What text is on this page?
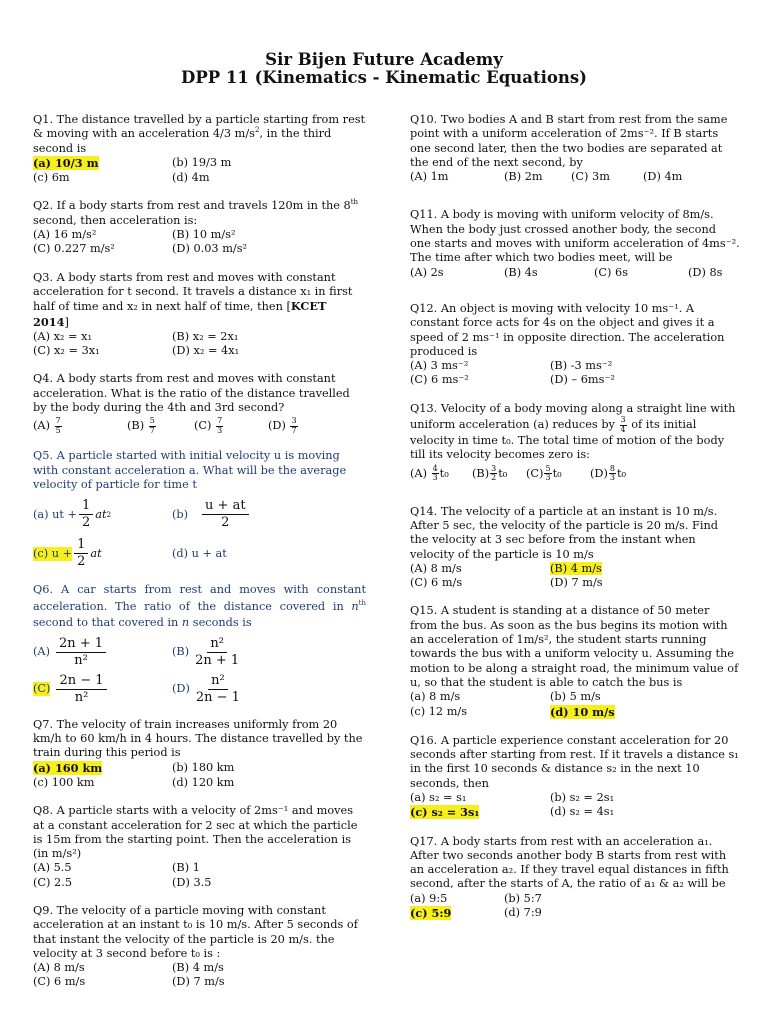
Sir Bijen Future Academy
DPP 11 (Kinematics - Kinematic Equations)
Q1. The distance travelled by a particle starting from rest & moving with an acceleration 4/3 $m/s^2$, in the third second is
(a) 10/3 m	(b) 19/3 m
(c) 6m	(d) 4m
Q2. If a body starts from rest and travels 120m in the 8th second, then acceleration is:
(A) 16 m/s²	(B) 10 m/s²
(C) 0.227 m/s²	(D) 0.03 m/s²
Q3. A body starts from rest and moves with constant acceleration for t second. It travels a distance x₁ in first half of time and x₂ in next half of time, then [KCET 2014]
(A) x₂ = x₁	(B) x₂ = 2x₁
(C) x₂ = 3x₁	(D) x₂ = 4x₁
Q4. A body starts from rest and moves with constant acceleration. What is the ratio of the distance travelled by the body during the 4th and 3rd second?
$(A) \frac{7}{5}$	$(B) \frac{5}{7}$	$(C) \frac{7}{3}$	$(D) \frac{3}{7}$
Q5. A particle started with initial velocity u is moving with constant acceleration a. What will be the average velocity of particle for time t
(a) ut + $\frac{1}{2}$ at 2	(b)
u + at
2
(c) $u + \frac{1}{2}$ at	(d) u + at
Q6. A car starts from rest and moves with constant acceleration. The ratio of the distance covered in $n^{th}$ second to that covered in n seconds is
(A)
2n + 1
n²
(B)
n²
2n + 1
(C)
2n − 1
n²
(D)
n²
2n − 1
Q7. The velocity of train increases uniformly from 20 km/h to 60 km/h in 4 hours. The distance travelled by the train during this period is
(a) 160 km	(b) 180 km
(c) 100 km	(d) 120 km
Q8. A particle starts with a velocity of 2ms⁻¹ and moves at a constant acceleration for 2 sec at which the particle is 15m from the starting point. Then the acceleration is (in m/s²)
(A) 5.5	(B) 1
(C) 2.5	(D) 3.5
Q9. The velocity of a particle moving with constant acceleration at an instant t₀ is 10 m/s. After 5 seconds of that instant the velocity of the particle is 20 m/s. the velocity at 3 second before t₀ is :
(A) 8 m/s	(B) 4 m/s
(C) 6 m/s	(D) 7 m/s
Q10. Two bodies A and B start from rest from the same point with a uniform acceleration of 2ms⁻². If B starts one second later, then the two bodies are separated at the end of the next second, by
(A) 1m	(B) 2m	(C) 3m	(D) 4m
Q11. A body is moving with uniform velocity of 8m/s. When the body just crossed another body, the second one starts and moves with uniform acceleration of 4ms⁻². The time after which two bodies meet, will be
(A) 2s	(B) 4s	(C) 6s	(D) 8s
Q12. An object is moving with velocity 10 ms⁻¹. A constant force acts for 4s on the object and gives it a speed of 2 ms⁻¹ in opposite direction. The acceleration produced is
(A) 3 ms⁻²	(B) -3 ms⁻²
(C) 6 ms⁻²	(D) – 6ms⁻²
Q13. Velocity of a body moving along a straight line with uniform acceleration (a) reduces by $\frac{3}{4}$ of its initial velocity in time t₀. The total time of motion of the body till its velocity becomes zero is:
$(A) \frac{4}{3} t_0$	$(B) \frac{3}{2} t_0$	$(C) \frac{5}{3} t_0$	$(D) \frac{8}{3} t_0$
Q14. The velocity of a particle at an instant is 10 m/s. After 5 sec, the velocity of the particle is 20 m/s. Find the velocity at 3 sec before from the instant when velocity of the particle is 10 m/s
(A) 8 m/s	(B) 4 m/s
(C) 6 m/s	(D) 7 m/s
Q15. A student is standing at a distance of 50 meter from the bus. As soon as the bus begins its motion with an acceleration of 1m/s², the student starts running towards the bus with a uniform velocity u. Assuming the motion to be along a straight road, the minimum value of u, so that the student is able to catch the bus is
(a) 8 m/s	(b) 5 m/s
(c) 12 m/s	(d) 10 m/s
Q16. A particle experience constant acceleration for 20 seconds after starting from rest. If it travels a distance s₁ in the first 10 seconds & distance s₂ in the next 10 seconds, then
(a) s₂ = s₁	(b) s₂ = 2s₁
(c) s₂ = 3s₁	(d) s₂ = 4s₁
Q17. A body starts from rest with an acceleration a₁. After two seconds another body B starts from rest with an acceleration a₂. If they travel equal distances in fifth second, after the starts of A, the ratio of a₁ & a₂ will be
(a) 9:5	(b) 5:7
(c) 5:9	(d) 7:9
